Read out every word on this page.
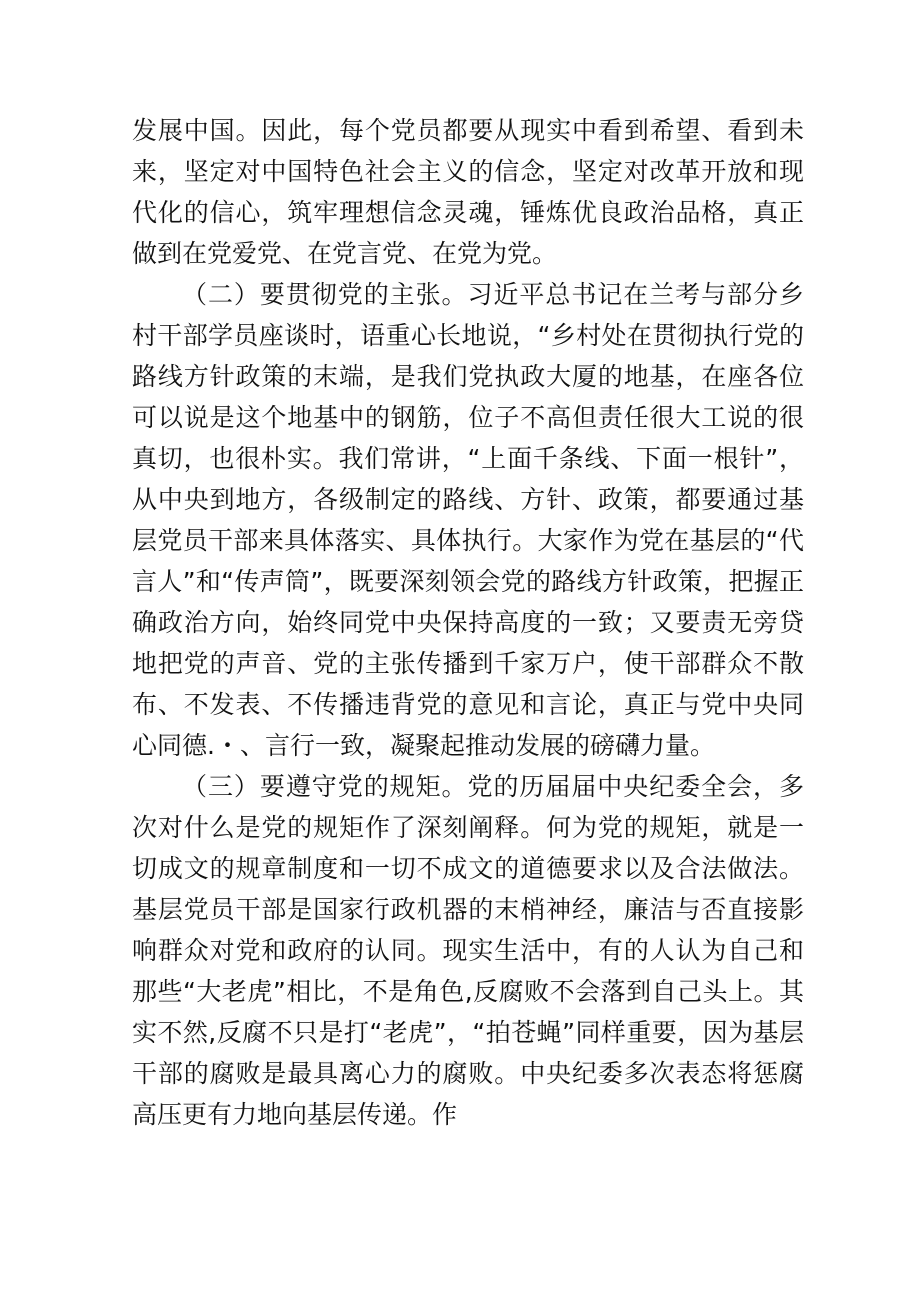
发展中国。因此，每个党员都要从现实中看到希望、看到未来，坚定对中国特色社会主义的信念，坚定对改革开放和现代化的信心，筑牢理想信念灵魂，锤炼优良政治品格，真正做到在党爱党、在党言党、在党为党。

（二）要贯彻党的主张。习近平总书记在兰考与部分乡村干部学员座谈时，语重心长地说，“乡村处在贯彻执行党的路线方针政策的末端，是我们党执政大厦的地基，在座各位可以说是这个地基中的钢筋，位子不高但责任很大工说的很真切，也很朴实。我们常讲，“上面千条线、下面一根针”，从中央到地方，各级制定的路线、方针、政策，都要通过基层党员干部来具体落实、具体执行。大家作为党在基层的“代言人”和“传声筒”，既要深刻领会党的路线方针政策，把握正确政治方向，始终同党中央保持高度的一致；又要责无旁贷地把党的声音、党的主张传播到千家万户，使干部群众不散布、不发表、不传播违背党的意见和言论，真正与党中央同心同德.・、言行一致，凝聚起推动发展的磅礴力量。

（三）要遵守党的规矩。党的历届届中央纪委全会，多次对什么是党的规矩作了深刻阐释。何为党的规矩，就是一切成文的规章制度和一切不成文的道德要求以及合法做法。基层党员干部是国家行政机器的末梢神经，廉洁与否直接影响群众对党和政府的认同。现实生活中，有的人认为自己和那些“大老虎”相比，不是角色,反腐败不会落到自己头上。其实不然,反腐不只是打“老虎”，“拍苍蝇”同样重要，因为基层干部的腐败是最具离心力的腐败。中央纪委多次表态将惩腐高压更有力地向基层传递。作
